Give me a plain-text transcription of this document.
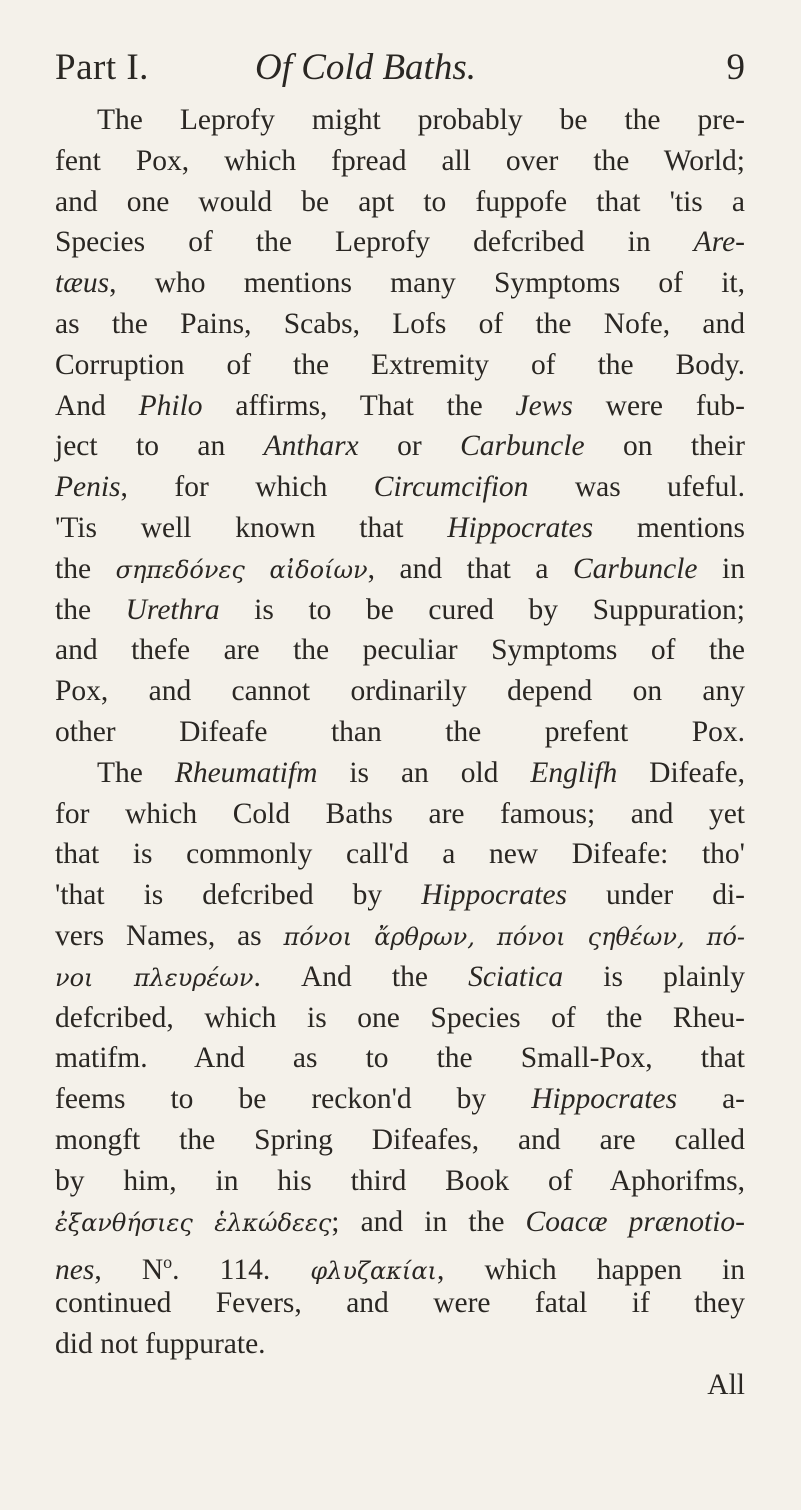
Part I.	Of Cold Baths.	9
The Leprofy might probably be the pre-
fent Pox, which fpread all over the World;
and one would be apt to fuppofe that 'tis a
Species of the Leprofy defcribed in Are-
tæus, who mentions many Symptoms of it,
as the Pains, Scabs, Lofs of the Nofe, and
Corruption of the Extremity of the Body.
And Philo affirms, That the Jews were fub-
ject to an Antharx or Carbuncle on their
Penis, for which Circumcifion was ufeful.
'Tis well known that Hippocrates mentions
the σηπεδόνες αἰδοίων, and that a Carbuncle in
the Urethra is to be cured by Suppuration;
and thefe are the peculiar Symptoms of the
Pox, and cannot ordinarily depend on any
other Difeafe than the prefent Pox.
The Rheumatifm is an old Englifh Difeafe,
for which Cold Baths are famous; and yet
that is commonly call'd a new Difeafe: tho'
'that is defcribed by Hippocrates under di-
vers Names, as πόνοι ἄρθρων, πόνοι ςηθέων, πό-
νοι πλευρέων. And the Sciatica is plainly
defcribed, which is one Species of the Rheu-
matifm. And as to the Small-Pox, that
feems to be reckon'd by Hippocrates a-
mongft the Spring Difeafes, and are called
by him, in his third Book of Aphorifms,
ἐξανθήσιες ἑλκώδεες; and in the Coacæ prænotio-
nes, $N^o$. 114. φλυζακίαι, which happen in
continued Fevers, and were fatal if they
did not fuppurate.
All
